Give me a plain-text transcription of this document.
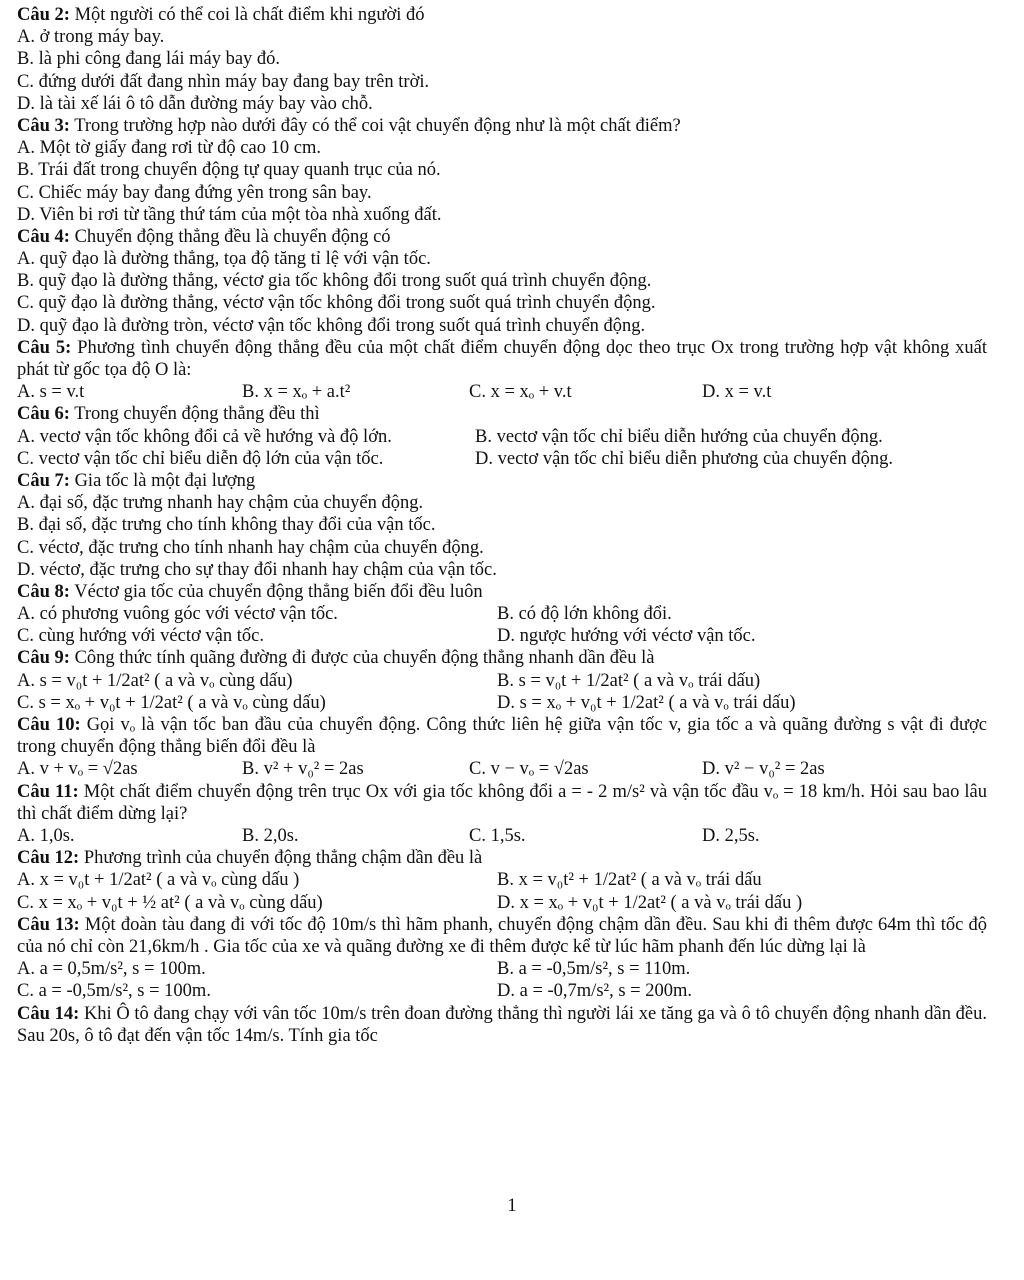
Câu 2: Một người có thể coi là chất điểm khi người đó
A. ở trong máy bay.
B. là phi công đang lái máy bay đó.
C. đứng dưới đất đang nhìn máy bay đang bay trên trời.
D. là tài xế lái ô tô dẫn đường máy bay vào chỗ.
Câu 3: Trong trường hợp nào dưới đây có thể coi vật chuyển động như là một chất điểm?
A. Một tờ giấy đang rơi từ độ cao 10 cm.
B. Trái đất trong chuyển động tự quay quanh trục của nó.
C. Chiếc máy bay đang đứng yên trong sân bay.
D. Viên bi rơi từ tầng thứ tám của một tòa nhà xuống đất.
Câu 4: Chuyển động thẳng đều là chuyển động có
A. quỹ đạo là đường thẳng, tọa độ tăng tỉ lệ với vận tốc.
B. quỹ đạo là đường thẳng, véctơ gia tốc không đổi trong suốt quá trình chuyển động.
C. quỹ đạo là đường thẳng, véctơ vận tốc không đổi trong suốt quá trình chuyển động.
D. quỹ đạo là đường tròn, véctơ vận tốc không đổi trong suốt quá trình chuyển động.
Câu 5: Phương tình chuyển động thẳng đều của một chất điểm chuyển động dọc theo trục Ox trong trường hợp vật không xuất phát từ gốc tọa độ O là:
A. s = v.t	B. x = xₒ + a.t²	C. x = xₒ + v.t	D. x = v.t
Câu 6: Trong chuyển động thẳng đều thì
A. vectơ vận tốc không đổi cả về hướng và độ lớn.	B. vectơ vận tốc chỉ biểu diễn hướng của chuyển động.
C. vectơ vận tốc chỉ biểu diễn độ lớn của vận tốc.	D. vectơ vận tốc chỉ biểu diễn phương của chuyển động.
Câu 7: Gia tốc là một đại lượng
A. đại số, đặc trưng nhanh hay chậm của chuyển động.
B. đại số, đặc trưng cho tính không thay đổi của vận tốc.
C. véctơ, đặc trưng cho tính nhanh hay chậm của chuyển động.
D. véctơ, đặc trưng cho sự thay đổi nhanh hay chậm của vận tốc.
Câu 8: Véctơ gia tốc của chuyển động thẳng biến đổi đều luôn
A. có phương vuông góc với véctơ vận tốc.	B. có độ lớn không đổi.
C. cùng hướng với véctơ vận tốc.	D. ngược hướng với véctơ vận tốc.
Câu 9: Công thức tính quãng đường đi được của chuyển động thẳng nhanh dần đều là
A. s = v₀t + 1/2at² ( a và vₒ cùng dấu)	B. s = v₀t + 1/2at² ( a và vₒ trái dấu)
C. s = xₒ + v₀t + 1/2at² ( a và vₒ cùng dấu)	D. s = xₒ + v₀t + 1/2at² ( a và vₒ trái dấu)
Câu 10: Gọi vₒ là vận tốc ban đầu của chuyển động. Công thức liên hệ giữa vận tốc v, gia tốc a và quãng đường s vật đi được trong chuyển động thẳng biến đổi đều là
A. v + vₒ = √2as	B. v² + v₀² = 2as	C. v − vₒ = √2as	D. v² − v₀² = 2as
Câu 11: Một chất điểm chuyển động trên trục Ox với gia tốc không đổi a = - 2 m/s² và vận tốc đầu vₒ = 18 km/h. Hỏi sau bao lâu thì chất điểm dừng lại?
A. 1,0s.	B. 2,0s.	C. 1,5s.	D. 2,5s.
Câu 12: Phương trình của chuyển động thẳng chậm dần đều là
A. x = v₀t + 1/2at² ( a và vₒ cùng dấu )	B. x = v₀t² + 1/2at² ( a và vₒ trái dấu
C. x = xₒ + v₀t + ½ at² ( a và vₒ cùng dấu)	D. x = xₒ + v₀t + 1/2at² ( a và vₒ trái dấu )
Câu 13: Một đoàn tàu đang đi với tốc độ 10m/s thì hãm phanh, chuyển động chậm dần đều. Sau khi đi thêm được 64m thì tốc độ của nó chỉ còn 21,6km/h . Gia tốc của xe và quãng đường xe đi thêm được kể từ lúc hãm phanh đến lúc dừng lại là
A. a = 0,5m/s², s = 100m.	B. a = -0,5m/s², s = 110m.
C. a = -0,5m/s², s = 100m.	D. a = -0,7m/s², s = 200m.
Câu 14: Khi Ô tô đang chạy với vân tốc 10m/s trên đoan đường thẳng thì người lái xe tăng ga và ô tô chuyển động nhanh dần đều. Sau 20s, ô tô đạt đến vận tốc 14m/s. Tính gia tốc
1
